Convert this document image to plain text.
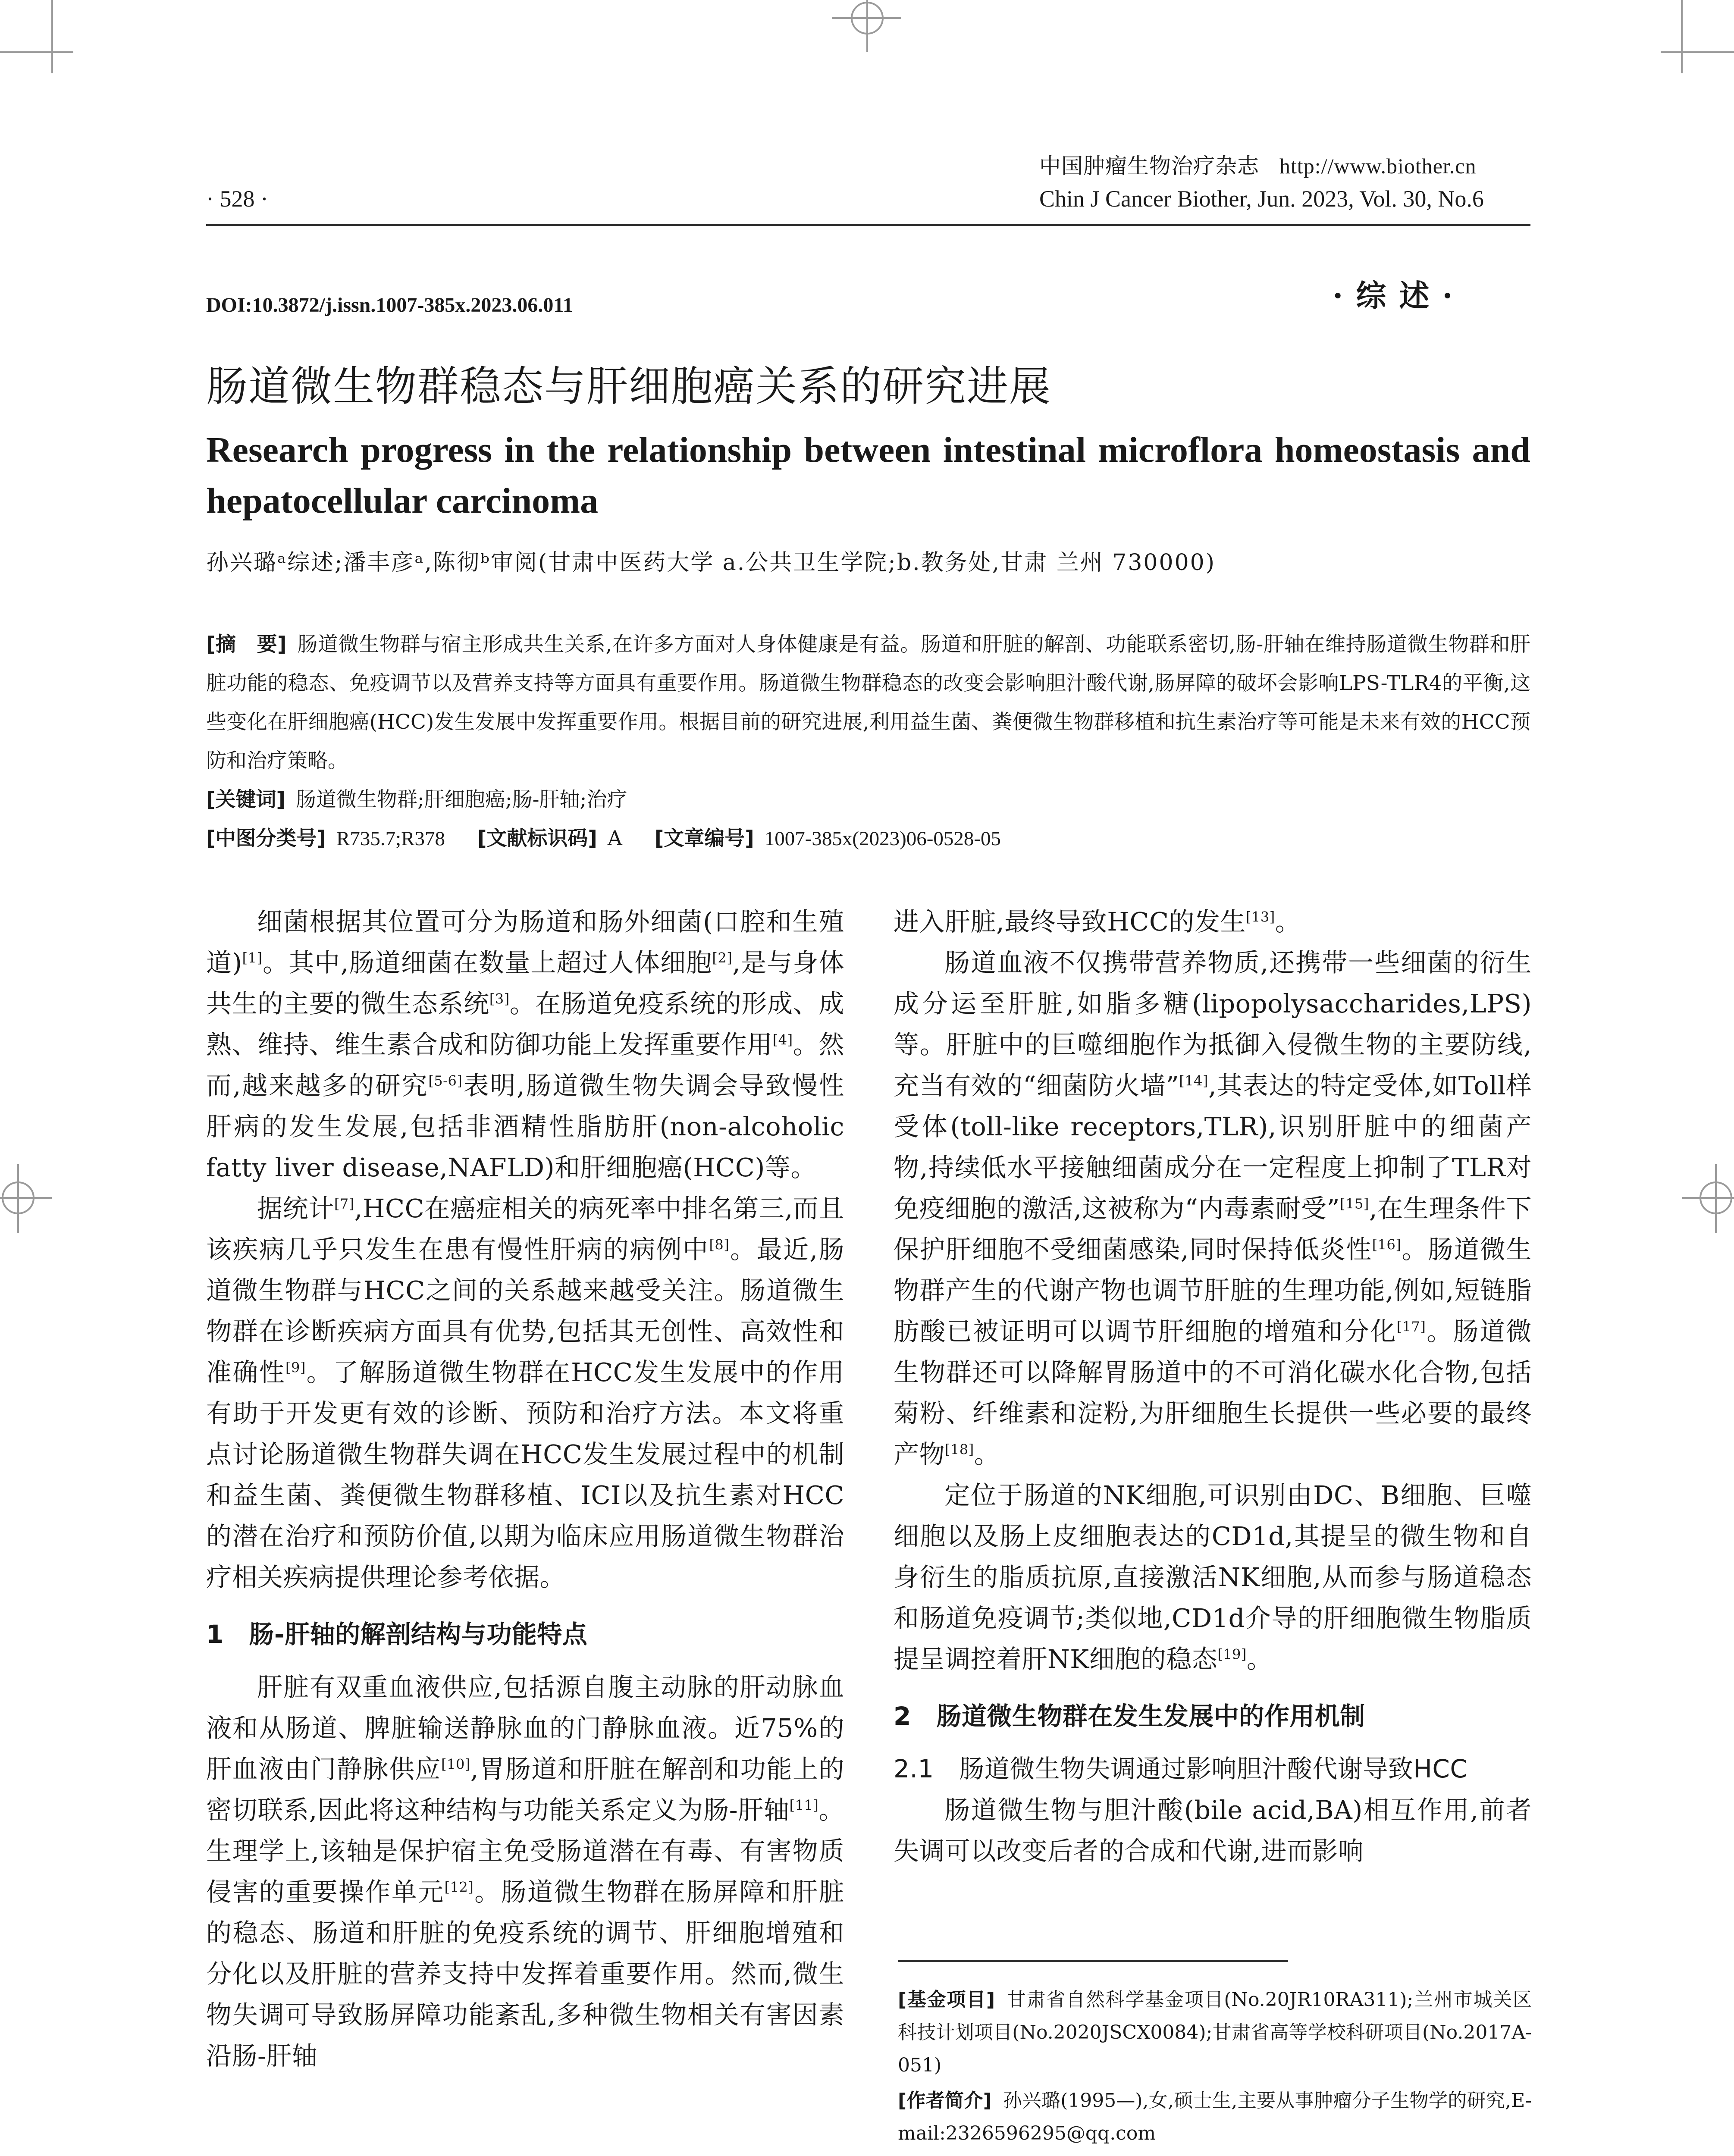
中国肿瘤生物治疗杂志 http://www.biother.cn
· 528 ·	Chin J Cancer Biother, Jun. 2023, Vol. 30, No.6
DOI:10.3872/j.issn.1007-385x.2023.06.011	·综述·
肠道微生物群稳态与肝细胞癌关系的研究进展
Research progress in the relationship between intestinal microflora homeostasis and hepatocellular carcinoma
孙兴璐ᵃ综述;潘丰彦ᵃ,陈彻ᵇ审阅(甘肃中医药大学 a.公共卫生学院;b.教务处,甘肃 兰州 730000)
[摘　要] 肠道微生物群与宿主形成共生关系,在许多方面对人身体健康是有益。肠道和肝脏的解剖、功能联系密切,肠-肝轴在维持肠道微生物群和肝脏功能的稳态、免疫调节以及营养支持等方面具有重要作用。肠道微生物群稳态的改变会影响胆汁酸代谢,肠屏障的破坏会影响LPS-TLR4的平衡,这些变化在肝细胞癌(HCC)发生发展中发挥重要作用。根据目前的研究进展,利用益生菌、粪便微生物群移植和抗生素治疗等可能是未来有效的HCC预防和治疗策略。
[关键词] 肠道微生物群;肝细胞癌;肠-肝轴;治疗
[中图分类号] R735.7;R378 [文献标识码] A [文章编号] 1007-385x(2023)06-0528-05

细菌根据其位置可分为肠道和肠外细菌(口腔和生殖道)[1]。其中,肠道细菌在数量上超过人体细胞[2],是与身体共生的主要的微生态系统[3]。在肠道免疫系统的形成、成熟、维持、维生素合成和防御功能上发挥重要作用[4]。然而,越来越多的研究[5-6]表明,肠道微生物失调会导致慢性肝病的发生发展,包括非酒精性脂肪肝(non-alcoholic fatty liver disease,NAFLD)和肝细胞癌(HCC)等。

据统计[7],HCC在癌症相关的病死率中排名第三,而且该疾病几乎只发生在患有慢性肝病的病例中[8]。最近,肠道微生物群与HCC之间的关系越来越受关注。肠道微生物群在诊断疾病方面具有优势,包括其无创性、高效性和准确性[9]。了解肠道微生物群在HCC发生发展中的作用有助于开发更有效的诊断、预防和治疗方法。本文将重点讨论肠道微生物群失调在HCC发生发展过程中的机制和益生菌、粪便微生物群移植、ICI以及抗生素对HCC的潜在治疗和预防价值,以期为临床应用肠道微生物群治疗相关疾病提供理论参考依据。

1　肠-肝轴的解剖结构与功能特点

肝脏有双重血液供应,包括源自腹主动脉的肝动脉血液和从肠道、脾脏输送静脉血的门静脉血液。近75%的肝血液由门静脉供应[10],胃肠道和肝脏在解剖和功能上的密切联系,因此将这种结构与功能关系定义为肠-肝轴[11]。生理学上,该轴是保护宿主免受肠道潜在有毒、有害物质侵害的重要操作单元[12]。肠道微生物群在肠屏障和肝脏的稳态、肠道和肝脏的免疫系统的调节、肝细胞增殖和分化以及肝脏的营养支持中发挥着重要作用。然而,微生物失调可导致肠屏障功能紊乱,多种微生物相关有害因素沿肠-肝轴

进入肝脏,最终导致HCC的发生[13]。

肠道血液不仅携带营养物质,还携带一些细菌的衍生成分运至肝脏,如脂多糖(lipopolysaccharides,LPS)等。肝脏中的巨噬细胞作为抵御入侵微生物的主要防线,充当有效的“细菌防火墙”[14],其表达的特定受体,如Toll样受体(toll-like receptors,TLR),识别肝脏中的细菌产物,持续低水平接触细菌成分在一定程度上抑制了TLR对免疫细胞的激活,这被称为“内毒素耐受”[15],在生理条件下保护肝细胞不受细菌感染,同时保持低炎性[16]。肠道微生物群产生的代谢产物也调节肝脏的生理功能,例如,短链脂肪酸已被证明可以调节肝细胞的增殖和分化[17]。肠道微生物群还可以降解胃肠道中的不可消化碳水化合物,包括菊粉、纤维素和淀粉,为肝细胞生长提供一些必要的最终产物[18]。

定位于肠道的NK细胞,可识别由DC、B细胞、巨噬细胞以及肠上皮细胞表达的CD1d,其提呈的微生物和自身衍生的脂质抗原,直接激活NK细胞,从而参与肠道稳态和肠道免疫调节;类似地,CD1d介导的肝细胞微生物脂质提呈调控着肝NK细胞的稳态[19]。

2　肠道微生物群在发生发展中的作用机制
2.1　肠道微生物失调通过影响胆汁酸代谢导致HCC

肠道微生物与胆汁酸(bile acid,BA)相互作用,前者失调可以改变后者的合成和代谢,进而影响

[基金项目] 甘肃省自然科学基金项目(No.20JR10RA311);兰州市城关区科技计划项目(No.2020JSCX0084);甘肃省高等学校科研项目(No.2017A-051)

[作者简介] 孙兴璐(1995—),女,硕士生,主要从事肿瘤分子生物学的研究,E-mail:2326596295@qq.com
